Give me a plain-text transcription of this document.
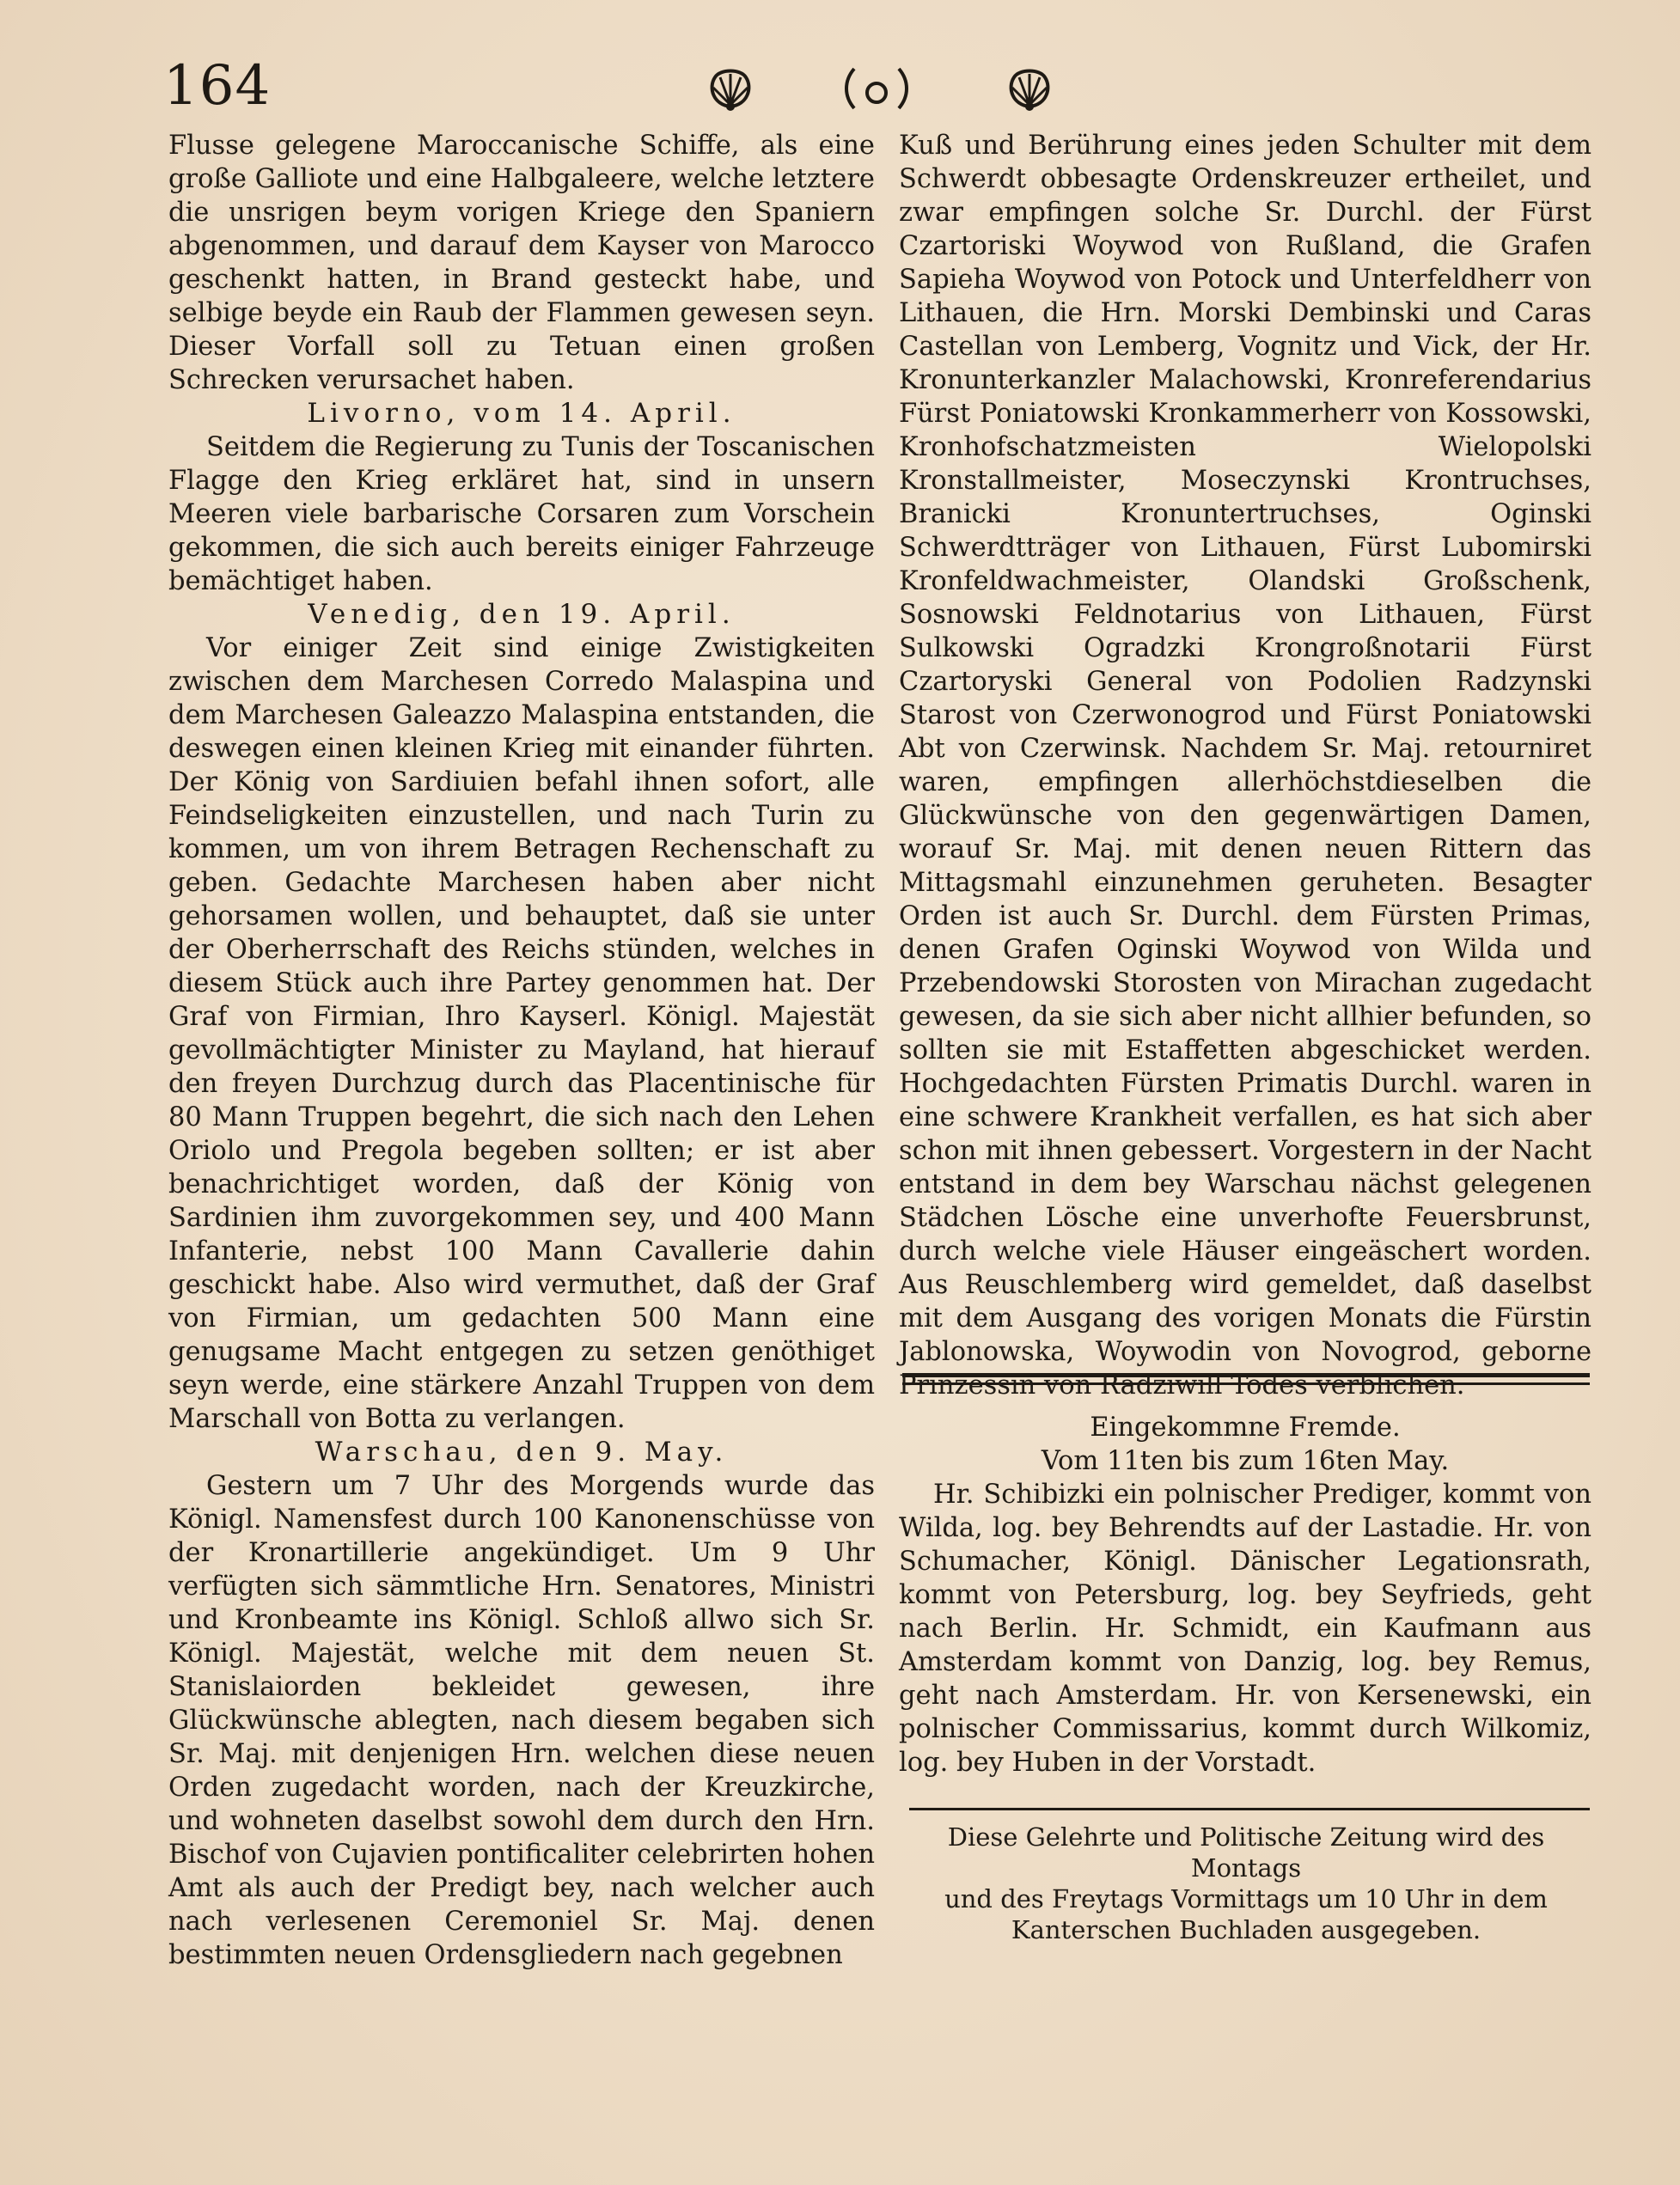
164

Flusse gelegene Maroccanische Schiffe, als eine große Galliote und eine Halbgaleere, welche letztere die unsrigen beym vorigen Kriege den Spaniern abgenommen, und darauf dem Kayser von Marocco geschenkt hatten, in Brand gesteckt habe, und selbige beyde ein Raub der Flammen gewesen seyn. Dieser Vorfall soll zu Tetuan einen großen Schrecken verursachet haben.

Livorno, vom 14. April.

Seitdem die Regierung zu Tunis der Toscanischen Flagge den Krieg erkläret hat, sind in unsern Meeren viele barbarische Corsaren zum Vorschein gekommen, die sich auch bereits einiger Fahrzeuge bemächtiget haben.

Venedig, den 19. April.

Vor einiger Zeit sind einige Zwistigkeiten zwischen dem Marchesen Corredo Malaspina und dem Marchesen Galeazzo Malaspina entstanden, die deswegen einen kleinen Krieg mit einander führten. Der König von Sardiuien befahl ihnen sofort, alle Feindseligkeiten einzustellen, und nach Turin zu kommen, um von ihrem Betragen Rechenschaft zu geben. Gedachte Marchesen haben aber nicht gehorsamen wollen, und behauptet, daß sie unter der Oberherrschaft des Reichs stünden, welches in diesem Stück auch ihre Partey genommen hat. Der Graf von Firmian, Ihro Kayserl. Königl. Majestät gevollmächtigter Minister zu Mayland, hat hierauf den freyen Durchzug durch das Placentinische für 80 Mann Truppen begehrt, die sich nach den Lehen Oriolo und Pregola begeben sollten; er ist aber benachrichtiget worden, daß der König von Sardinien ihm zuvorgekommen sey, und 400 Mann Infanterie, nebst 100 Mann Cavallerie dahin geschickt habe. Also wird vermuthet, daß der Graf von Firmian, um gedachten 500 Mann eine genugsame Macht entgegen zu setzen genöthiget seyn werde, eine stärkere Anzahl Truppen von dem Marschall von Botta zu verlangen.

Warschau, den 9. May.

Gestern um 7 Uhr des Morgends wurde das Königl. Namensfest durch 100 Kanonenschüsse von der Kronartillerie angekündiget. Um 9 Uhr verfügten sich sämmtliche Hrn. Senatores, Ministri und Kronbeamte ins Königl. Schloß allwo sich Sr. Königl. Majestät, welche mit dem neuen St. Stanislaiorden bekleidet gewesen, ihre Glückwünsche ablegten, nach diesem begaben sich Sr. Maj. mit denjenigen Hrn. welchen diese neuen Orden zugedacht worden, nach der Kreuzkirche, und wohneten daselbst sowohl dem durch den Hrn. Bischof von Cujavien pontificaliter celebrirten hohen Amt als auch der Predigt bey, nach welcher auch nach verlesenen Ceremoniel Sr. Maj. denen bestimmten neuen Ordensgliedern nach gegebnen

Kuß und Berührung eines jeden Schulter mit dem Schwerdt obbesagte Ordenskreuzer ertheilet, und zwar empfingen solche Sr. Durchl. der Fürst Czartoriski Woywod von Rußland, die Grafen Sapieha Woywod von Potock und Unterfeldherr von Lithauen, die Hrn. Morski Dembinski und Caras Castellan von Lemberg, Vognitz und Vick, der Hr. Kronunterkanzler Malachowski, Kronreferendarius Fürst Poniatowski Kronkammerherr von Kossowski, Kronhofschatzmeisten Wielopolski Kronstallmeister, Moseczynski Krontruchses, Branicki Kronuntertruchses, Oginski Schwerdtträger von Lithauen, Fürst Lubomirski Kronfeldwachmeister, Olandski Großschenk, Sosnowski Feldnotarius von Lithauen, Fürst Sulkowski Ogradzki Krongroßnotarii Fürst Czartoryski General von Podolien Radzynski Starost von Czerwonogrod und Fürst Poniatowski Abt von Czerwinsk. Nachdem Sr. Maj. retourniret waren, empfingen allerhöchstdieselben die Glückwünsche von den gegenwärtigen Damen, worauf Sr. Maj. mit denen neuen Rittern das Mittagsmahl einzunehmen geruheten. Besagter Orden ist auch Sr. Durchl. dem Fürsten Primas, denen Grafen Oginski Woywod von Wilda und Przebendowski Storosten von Mirachan zugedacht gewesen, da sie sich aber nicht allhier befunden, so sollten sie mit Estaffetten abgeschicket werden. Hochgedachten Fürsten Primatis Durchl. waren in eine schwere Krankheit verfallen, es hat sich aber schon mit ihnen gebessert. Vorgestern in der Nacht entstand in dem bey Warschau nächst gelegenen Städchen Lösche eine unverhofte Feuersbrunst, durch welche viele Häuser eingeäschert worden. Aus Reuschlemberg wird gemeldet, daß daselbst mit dem Ausgang des vorigen Monats die Fürstin Jablonowska, Woywodin von Novogrod, geborne Prinzessin von Radziwill Todes verblichen.

Eingekommne Fremde.

Vom 11ten bis zum 16ten May.

Hr. Schibizki ein polnischer Prediger, kommt von Wilda, log. bey Behrendts auf der Lastadie. Hr. von Schumacher, Königl. Dänischer Legationsrath, kommt von Petersburg, log. bey Seyfrieds, geht nach Berlin. Hr. Schmidt, ein Kaufmann aus Amsterdam kommt von Danzig, log. bey Remus, geht nach Amsterdam. Hr. von Kersenewski, ein polnischer Commissarius, kommt durch Wilkomiz, log. bey Huben in der Vorstadt.

Diese Gelehrte und Politische Zeitung wird des Montags

und des Freytags Vormittags um 10 Uhr in dem

Kanterschen Buchladen ausgegeben.
